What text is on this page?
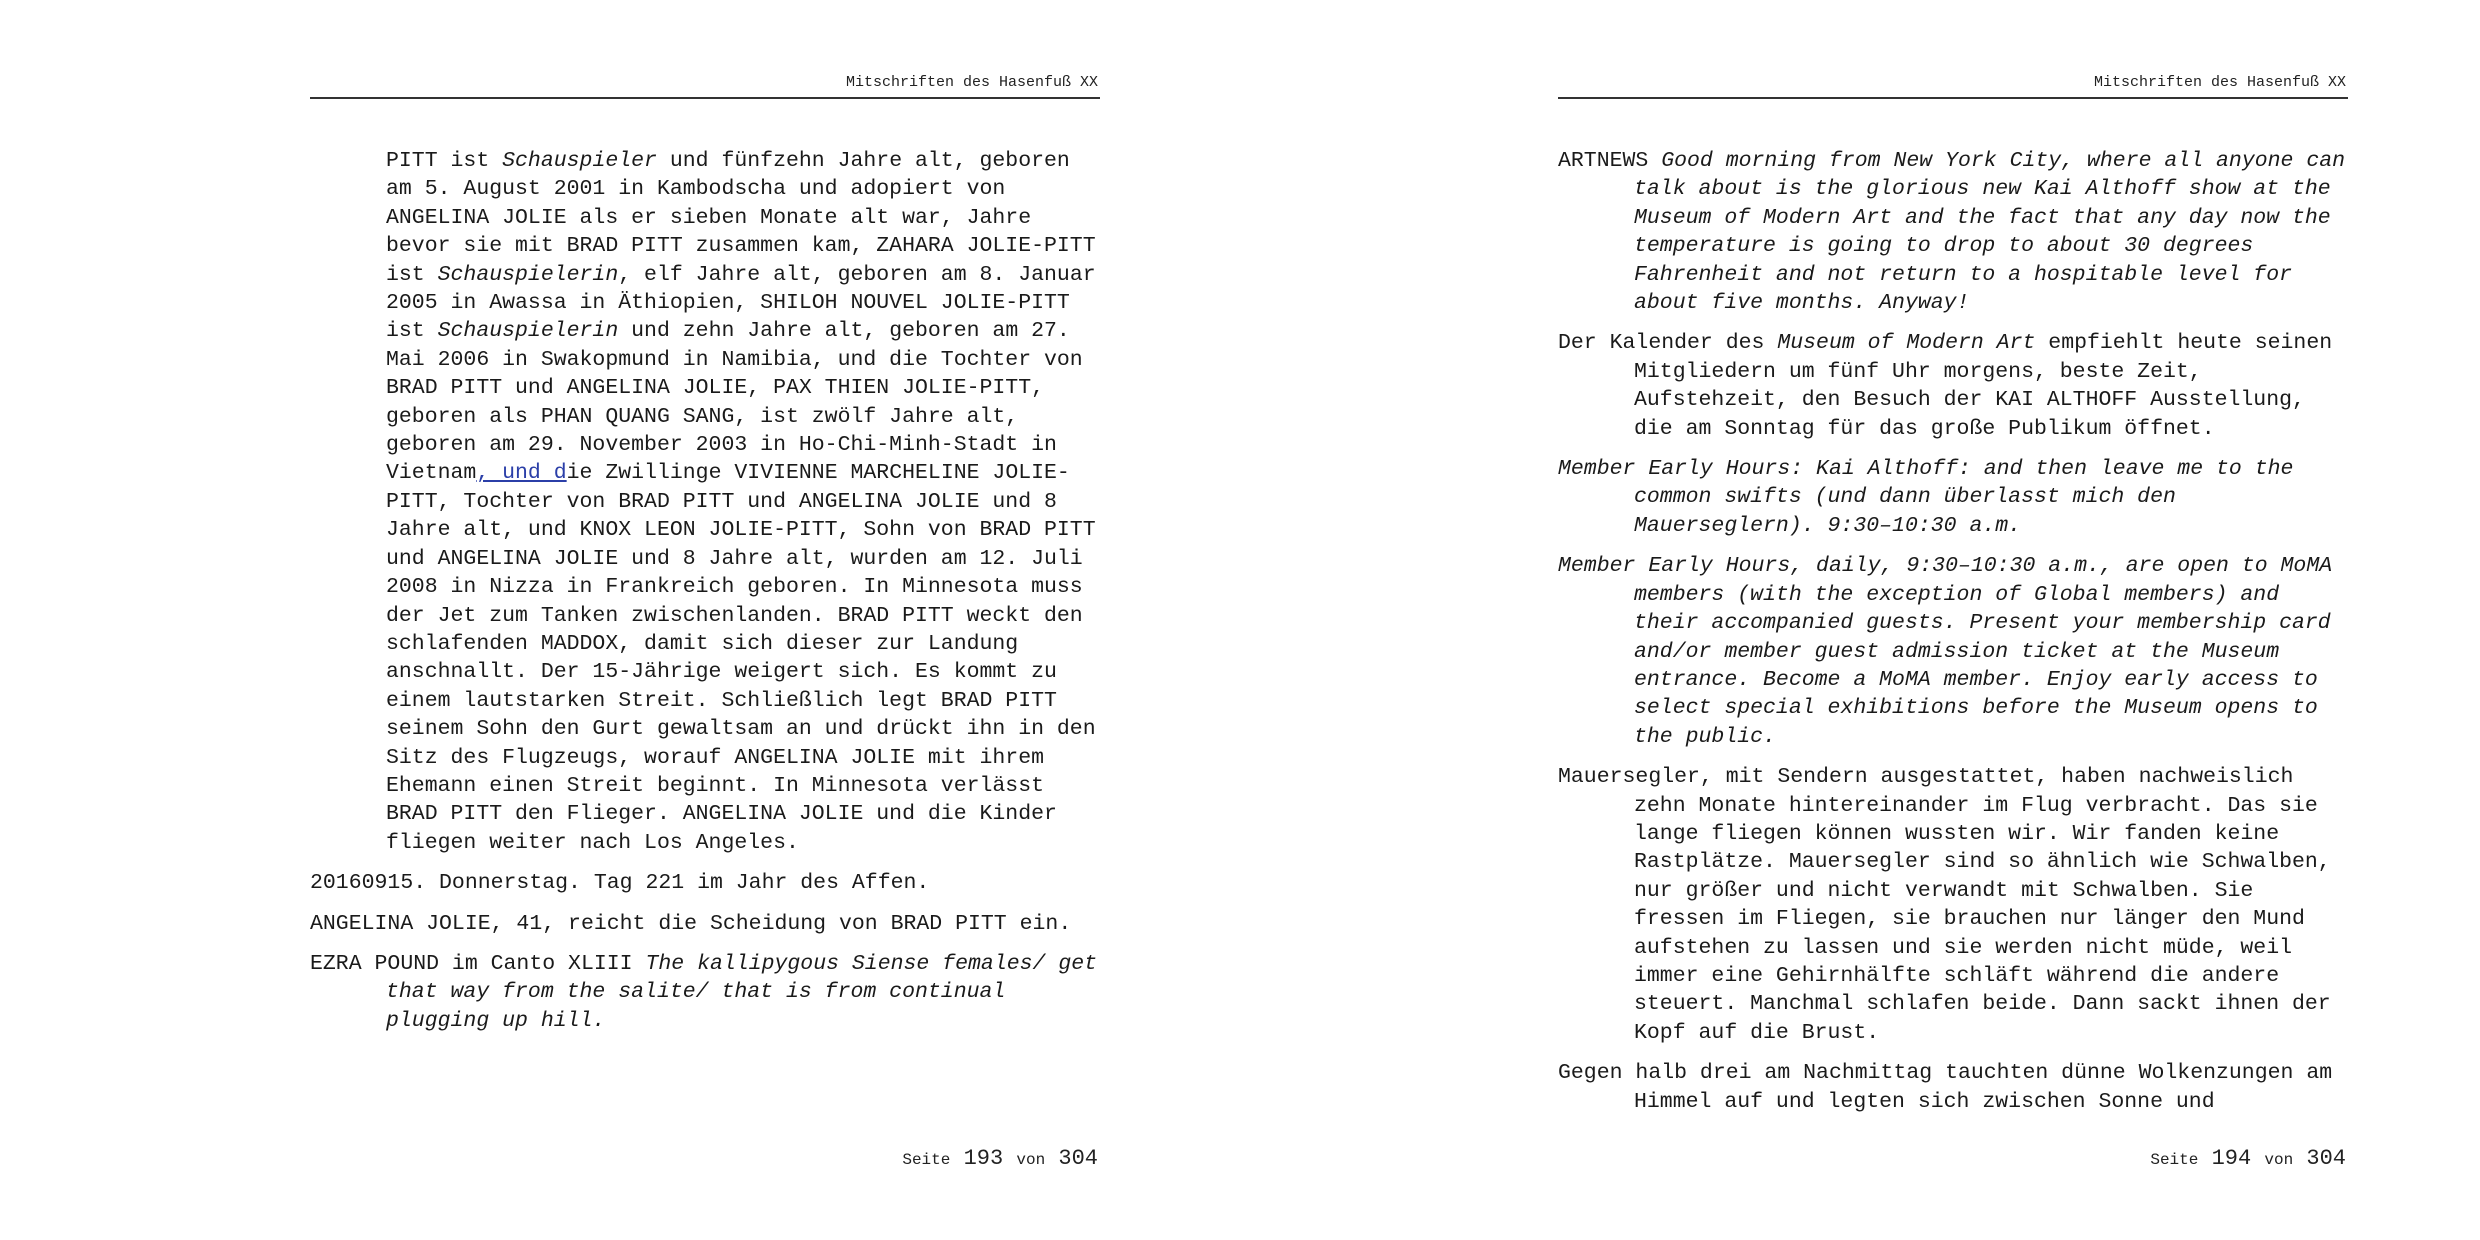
Mitschriften des Hasenfuß XX

PITT ist Schauspieler und fünfzehn Jahre alt, geboren am 5. August 2001 in Kambodscha und adopiert von ANGELINA JOLIE als er sieben Monate alt war, Jahre bevor sie mit BRAD PITT zusammen kam, ZAHARA JOLIE-PITT ist Schauspielerin, elf Jahre alt, geboren am 8. Januar 2005 in Awassa in Äthiopien, SHILOH NOUVEL JOLIE-PITT ist Schauspielerin und zehn Jahre alt, geboren am 27. Mai 2006 in Swakopmund in Namibia, und die Tochter von BRAD PITT und ANGELINA JOLIE, PAX THIEN JOLIE-PITT, geboren als PHAN QUANG SANG, ist zwölf Jahre alt, geboren am 29. November 2003 in Ho-Chi-Minh-Stadt in Vietnam, und die Zwillinge VIVIENNE MARCHELINE JOLIE-PITT, Tochter von BRAD PITT und ANGELINA JOLIE und 8 Jahre alt, und KNOX LEON JOLIE-PITT, Sohn von BRAD PITT und ANGELINA JOLIE und 8 Jahre alt, wurden am 12. Juli 2008 in Nizza in Frankreich geboren. In Minnesota muss der Jet zum Tanken zwischenlanden. BRAD PITT weckt den schlafenden MADDOX, damit sich dieser zur Landung anschnallt. Der 15-Jährige weigert sich. Es kommt zu einem lautstarken Streit. Schließlich legt BRAD PITT seinem Sohn den Gurt gewaltsam an und drückt ihn in den Sitz des Flugzeugs, worauf ANGELINA JOLIE mit ihrem Ehemann einen Streit beginnt. In Minnesota verlässt BRAD PITT den Flieger. ANGELINA JOLIE und die Kinder fliegen weiter nach Los Angeles.

20160915. Donnerstag. Tag 221 im Jahr des Affen.

ANGELINA JOLIE, 41, reicht die Scheidung von BRAD PITT ein.

EZRA POUND im Canto XLIII The kallipygous Siense females/ get that way from the salite/ that is from continual plugging up hill.

Seite 193 von 304
Mitschriften des Hasenfuß XX

ARTNEWS Good morning from New York City, where all anyone can talk about is the glorious new Kai Althoff show at the Museum of Modern Art and the fact that any day now the temperature is going to drop to about 30 degrees Fahrenheit and not return to a hospitable level for about five months. Anyway!

Der Kalender des Museum of Modern Art empfiehlt heute seinen Mitgliedern um fünf Uhr morgens, beste Zeit, Aufstehzeit, den Besuch der KAI ALTHOFF Ausstellung, die am Sonntag für das große Publikum öffnet.

Member Early Hours: Kai Althoff: and then leave me to the common swifts (und dann überlasst mich den Mauerseglern). 9:30–10:30 a.m.

Member Early Hours, daily, 9:30–10:30 a.m., are open to MoMA members (with the exception of Global members) and their accompanied guests. Present your membership card and/or member guest admission ticket at the Museum entrance. Become a MoMA member. Enjoy early access to select special exhibitions before the Museum opens to the public.

Mauersegler, mit Sendern ausgestattet, haben nachweislich zehn Monate hintereinander im Flug verbracht. Das sie lange fliegen können wussten wir. Wir fanden keine Rastplätze. Mauersegler sind so ähnlich wie Schwalben, nur größer und nicht verwandt mit Schwalben. Sie fressen im Fliegen, sie brauchen nur länger den Mund aufstehen zu lassen und sie werden nicht müde, weil immer eine Gehirnhälfte schläft während die andere steuert. Manchmal schlafen beide. Dann sackt ihnen der Kopf auf die Brust.

Gegen halb drei am Nachmittag tauchten dünne Wolkenzungen am Himmel auf und legten sich zwischen Sonne und

Seite 194 von 304
